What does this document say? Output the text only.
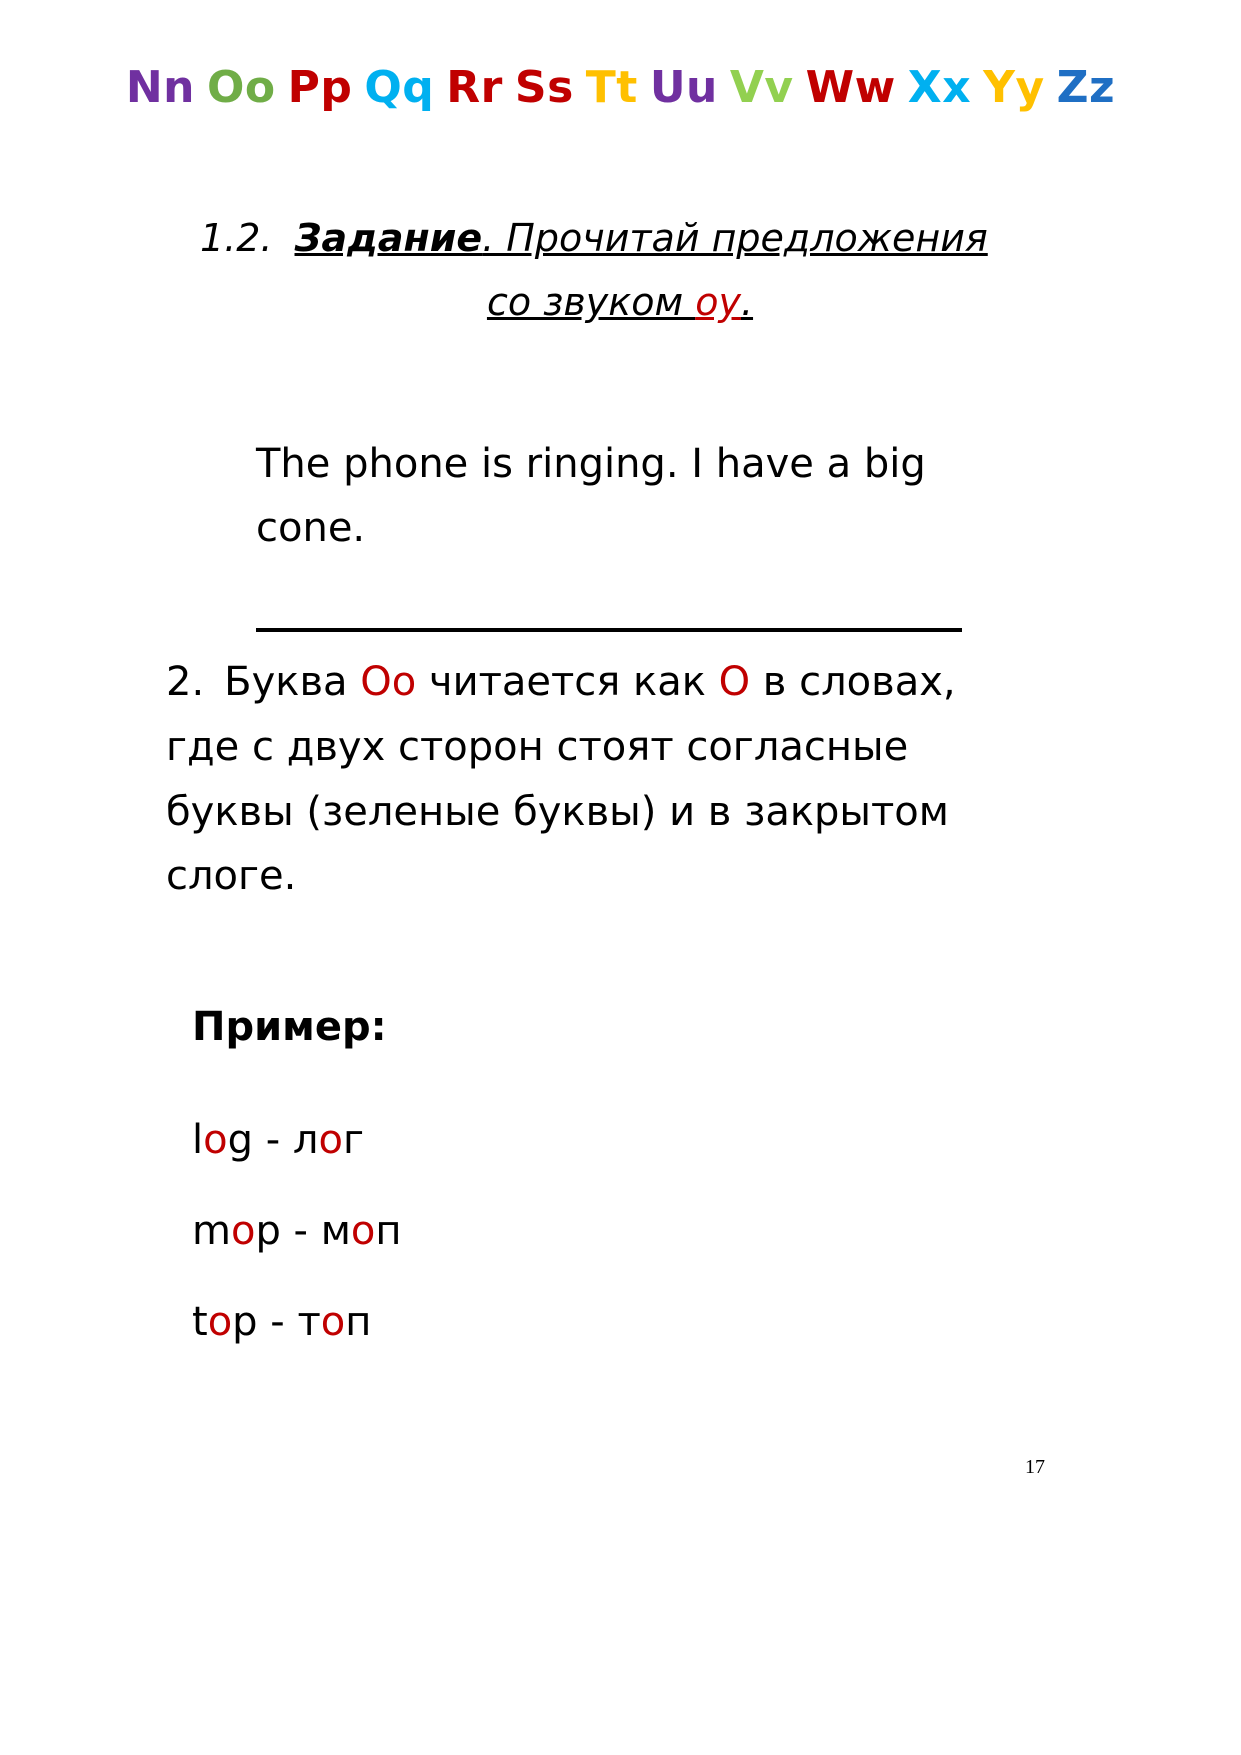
Nn Oo Pp Qq Rr Ss Tt Uu Vv Ww Xx Yy Zz
1.2. Задание. Прочитай предложения
со звуком оу.
The phone is ringing. I have a big cone.
2. Буква Oo читается как O в словах, где с двух сторон стоят согласные буквы (зеленые буквы) и в закрытом слоге.
Пример:
log - лог
mop - моп
top - топ
17
